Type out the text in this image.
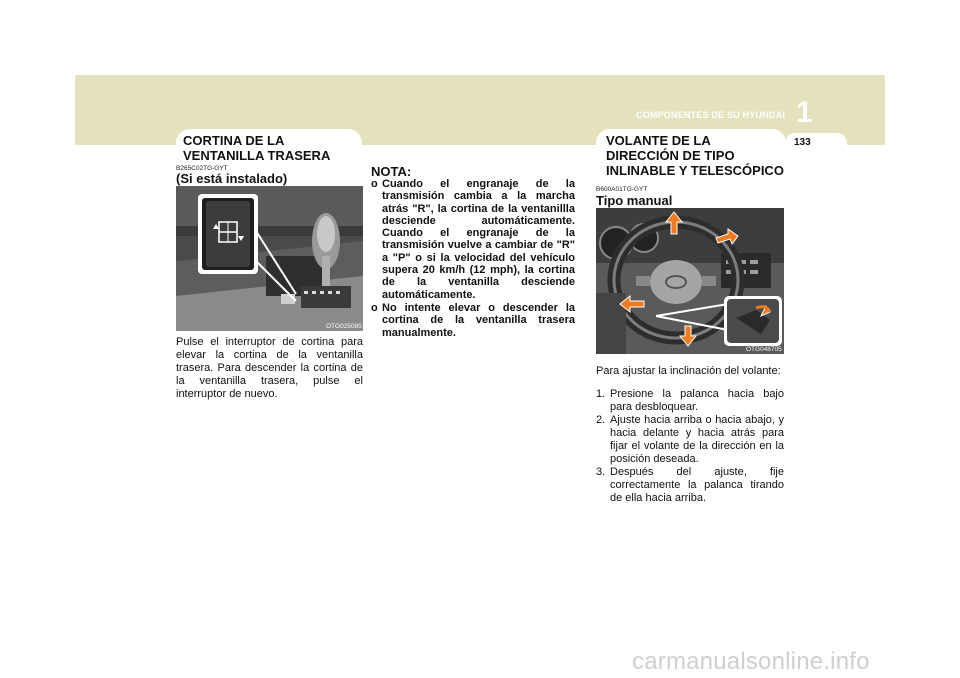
COMPONENTES DE SU HYUNDAI 1
133
CORTINA DE LA
VENTANILLA TRASERA
B265C02TG-GYT
(Si está instalado)
OTG025085
Pulse el interruptor de cortina para elevar la cortina de la ventanilla trasera. Para descender la cortina de la ventanilla trasera, pulse el interruptor de nuevo.
NOTA:
o Cuando el engranaje de la transmisión cambia a la marcha atrás "R", la cortina de la ventanillla desciende automáticamente. Cuando el engranaje de la transmisión vuelve a cambiar de "R" a "P" o si la velocidad del vehículo supera 20 km/h (12 mph), la cortina de la ventanilla desciende automáticamente.
o No intente elevar o descender la cortina de la ventanilla trasera manualmente.
VOLANTE DE LA
DIRECCIÓN DE TIPO
INLINABLE Y TELESCÓPICO
B600A01TG-GYT
Tipo manual
OTG048705
Para ajustar la inclinación del volante:
1. Presione la palanca hacia bajo para desbloquear.
2. Ajuste hacia arriba o hacia abajo, y hacia delante y hacia atrás para fijar el volante de la dirección en la posición deseada.
3. Después del ajuste, fije correctamente la palanca tirando de ella hacia arriba.
carmanualsonline.info
